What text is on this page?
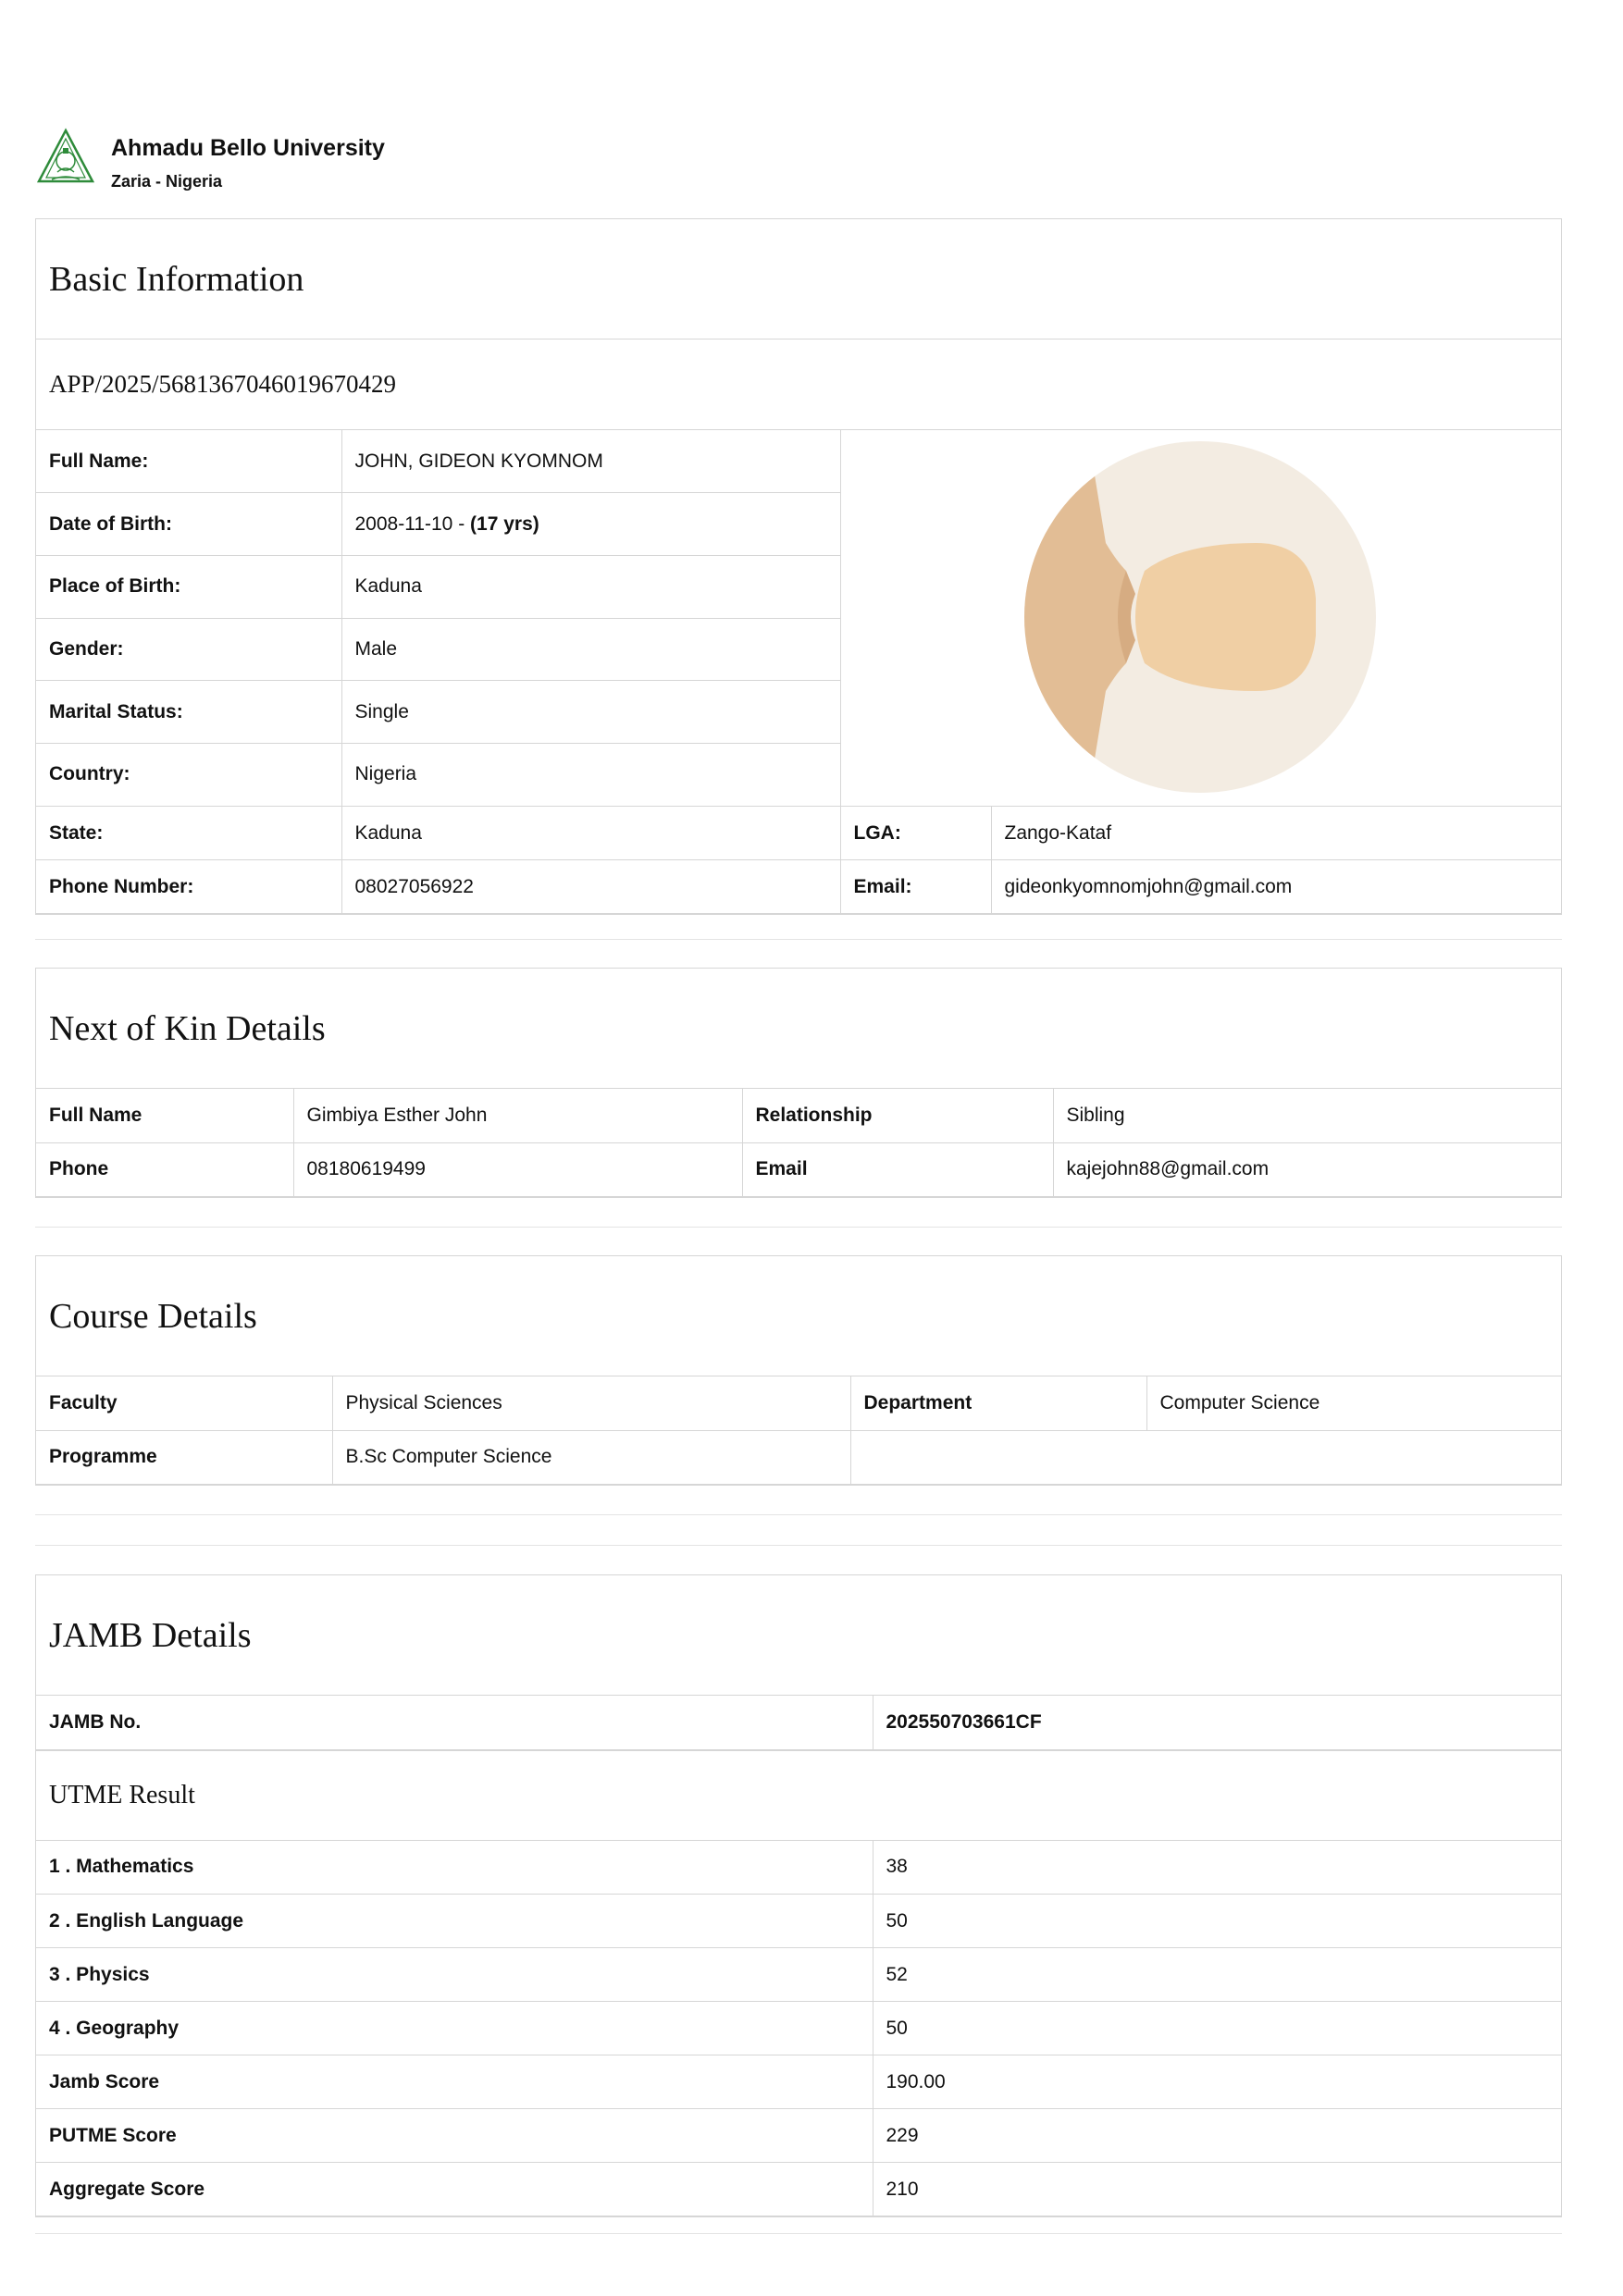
Ahmadu Bello University
Zaria - Nigeria
Basic Information
APP/2025/5681367046019670429
Full Name:	JOHN, GIDEON KYOMNOM
Date of Birth:	2008-11-10 - (17 yrs)
Place of Birth:	Kaduna
Gender:	Male
Marital Status:	Single
Country:	Nigeria
State:	Kaduna	LGA:	Zango-Kataf
Phone Number:	08027056922	Email:	gideonkyomnomjohn@gmail.com
Next of Kin Details
Full Name	Gimbiya Esther John	Relationship	Sibling
Phone	08180619499	Email	kajejohn88@gmail.com
Course Details
Faculty	Physical Sciences	Department	Computer Science
Programme	B.Sc Computer Science		
JAMB Details
JAMB No.	202550703661CF
UTME Result
1 . Mathematics	38
2 . English Language	50
3 . Physics	52
4 . Geography	50
Jamb Score	190.00
PUTME Score	229
Aggregate Score	210
